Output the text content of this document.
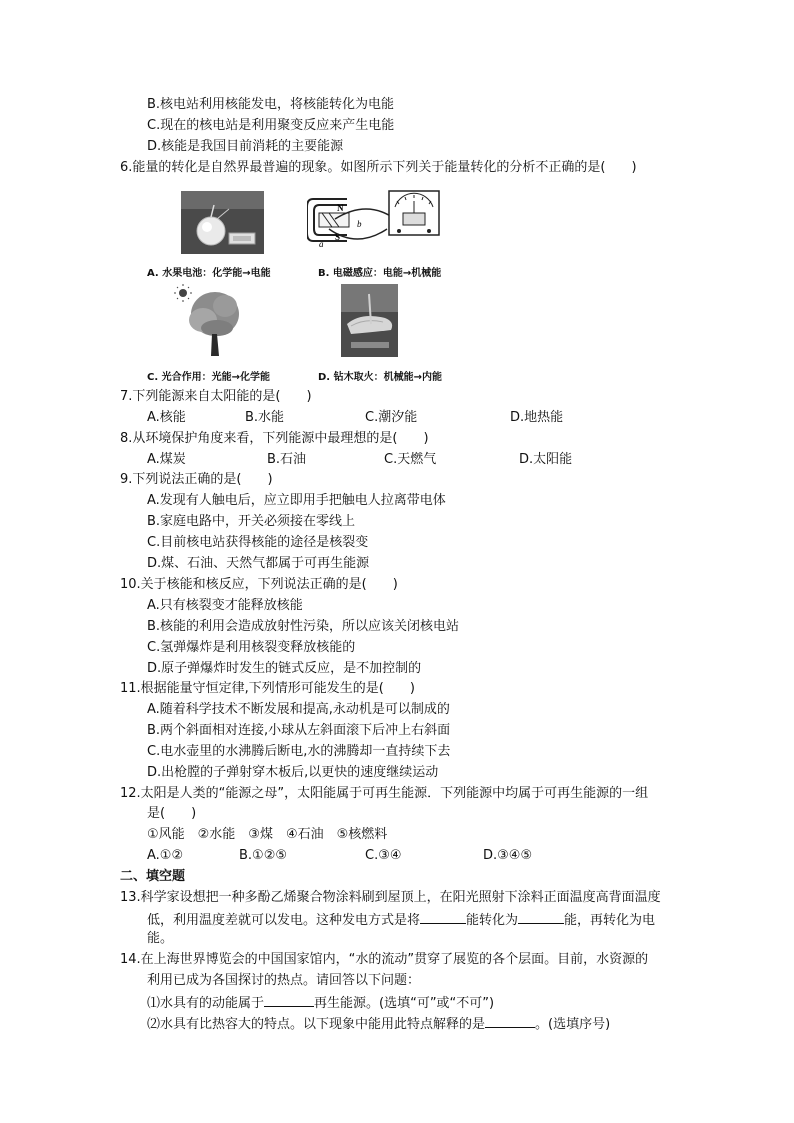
B.核电站利用核能发电，将核能转化为电能
C.现在的核电站是利用聚变反应来产生电能
D.核能是我国目前消耗的主要能源
6.能量的转化是自然界最普遍的现象。如图所示下列关于能量转化的分析不正确的是(　　)
A. 水果电池：化学能→电能
N
S
a
b
B. 电磁感应：电能→机械能
C. 光合作用：光能→化学能	D. 钻木取火：机械能→内能
7.下列能源来自太阳能的是(　　)
A.核能	B.水能	C.潮汐能	D.地热能
8.从环境保护角度来看，下列能源中最理想的是(　　)
A.煤炭	B.石油	C.天燃气	D.太阳能
9.下列说法正确的是(　　)
A.发现有人触电后，应立即用手把触电人拉离带电体
B.家庭电路中，开关必须接在零线上
C.目前核电站获得核能的途径是核裂变
D.煤、石油、天然气都属于可再生能源
10.关于核能和核反应，下列说法正确的是(　　)
A.只有核裂变才能释放核能
B.核能的利用会造成放射性污染，所以应该关闭核电站
C.氢弹爆炸是利用核裂变释放核能的
D.原子弹爆炸时发生的链式反应，是不加控制的
11.根据能量守恒定律,下列情形可能发生的是(　　)
A.随着科学技术不断发展和提高,永动机是可以制成的
B.两个斜面相对连接,小球从左斜面滚下后冲上右斜面
C.电水壶里的水沸腾后断电,水的沸腾却一直持续下去
D.出枪膛的子弹射穿木板后,以更快的速度继续运动
12.太阳是人类的“能源之母”，太阳能属于可再生能源．下列能源中均属于可再生能源的一组
是(　　)
①风能　②水能　③煤　④石油　⑤核燃料
A.①②	B.①②⑤	C.③④	D.③④⑤
二、填空题
13.科学家设想把一种多酚乙烯聚合物涂料刷到屋顶上，在阳光照射下涂料正面温度高背面温度
低，利用温度差就可以发电。这种发电方式是将	能转化为	能，再转化为电
能。
14.在上海世界博览会的中国国家馆内，“水的流动”贯穿了展览的各个层面。目前，水资源的
利用已成为各国探讨的热点。请回答以下问题：
⑴水具有的动能属于	再生能源。(选填“可”或“不可”)
⑵水具有比热容大的特点。以下现象中能用此特点解释的是	。(选填序号)
